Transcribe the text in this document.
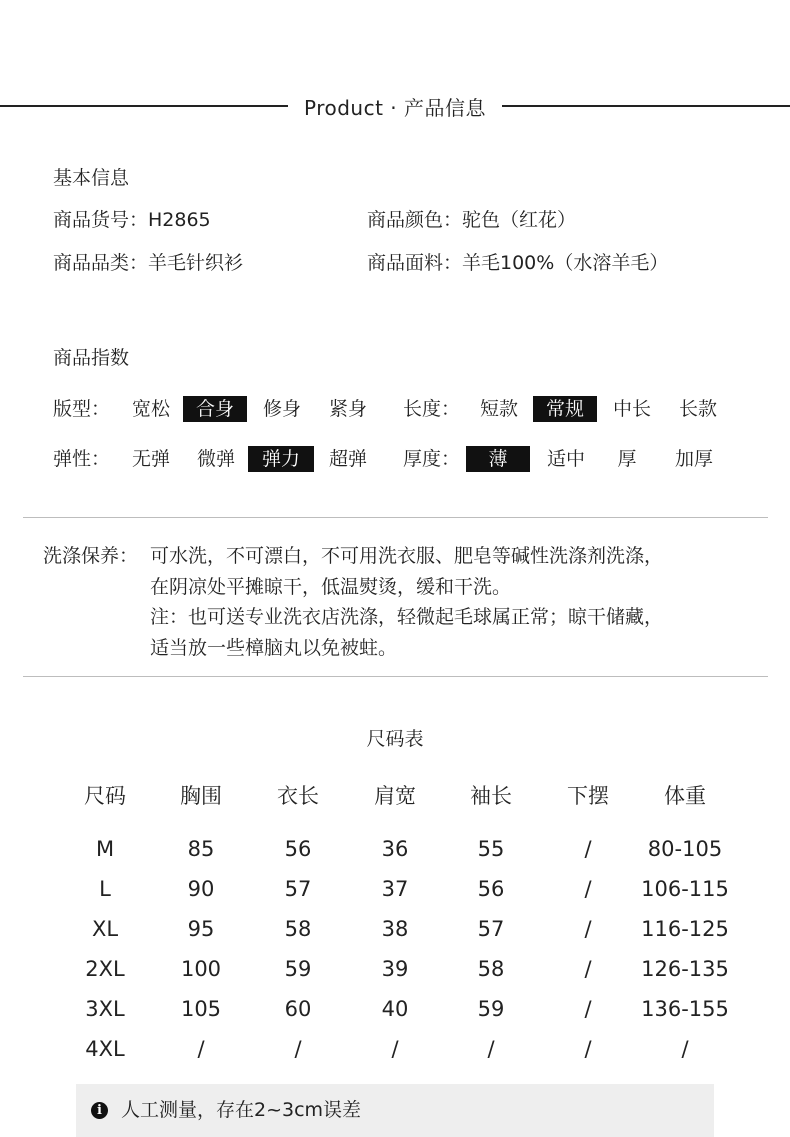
Product · 产品信息
基本信息
商品货号：H2865	商品颜色：驼色（红花）
商品品类：羊毛针织衫	商品面料：羊毛100%（水溶羊毛）
商品指数
版型：	宽松	合身	修身	紧身	长度：	短款	常规	中长	长款
弹性：	无弹	微弹	弹力	超弹	厚度：	薄	适中	厚	加厚
洗涤保养： 可水洗，不可漂白，不可用洗衣服、肥皂等碱性洗涤剂洗涤，
在阴凉处平摊晾干，低温熨烫，缓和干洗。
注：也可送专业洗衣店洗涤，轻微起毛球属正常；晾干储藏，
适当放一些樟脑丸以免被蛀。
尺码表
尺码	胸围	衣长	肩宽	袖长	下摆	体重
M	85	56	36	55	/	80-105
L	90	57	37	56	/	106-115
XL	95	58	38	57	/	116-125
2XL	100	59	39	58	/	126-135
3XL	105	60	40	59	/	136-155
4XL	/	/	/	/	/	/
i	人工测量，存在2~3cm误差
